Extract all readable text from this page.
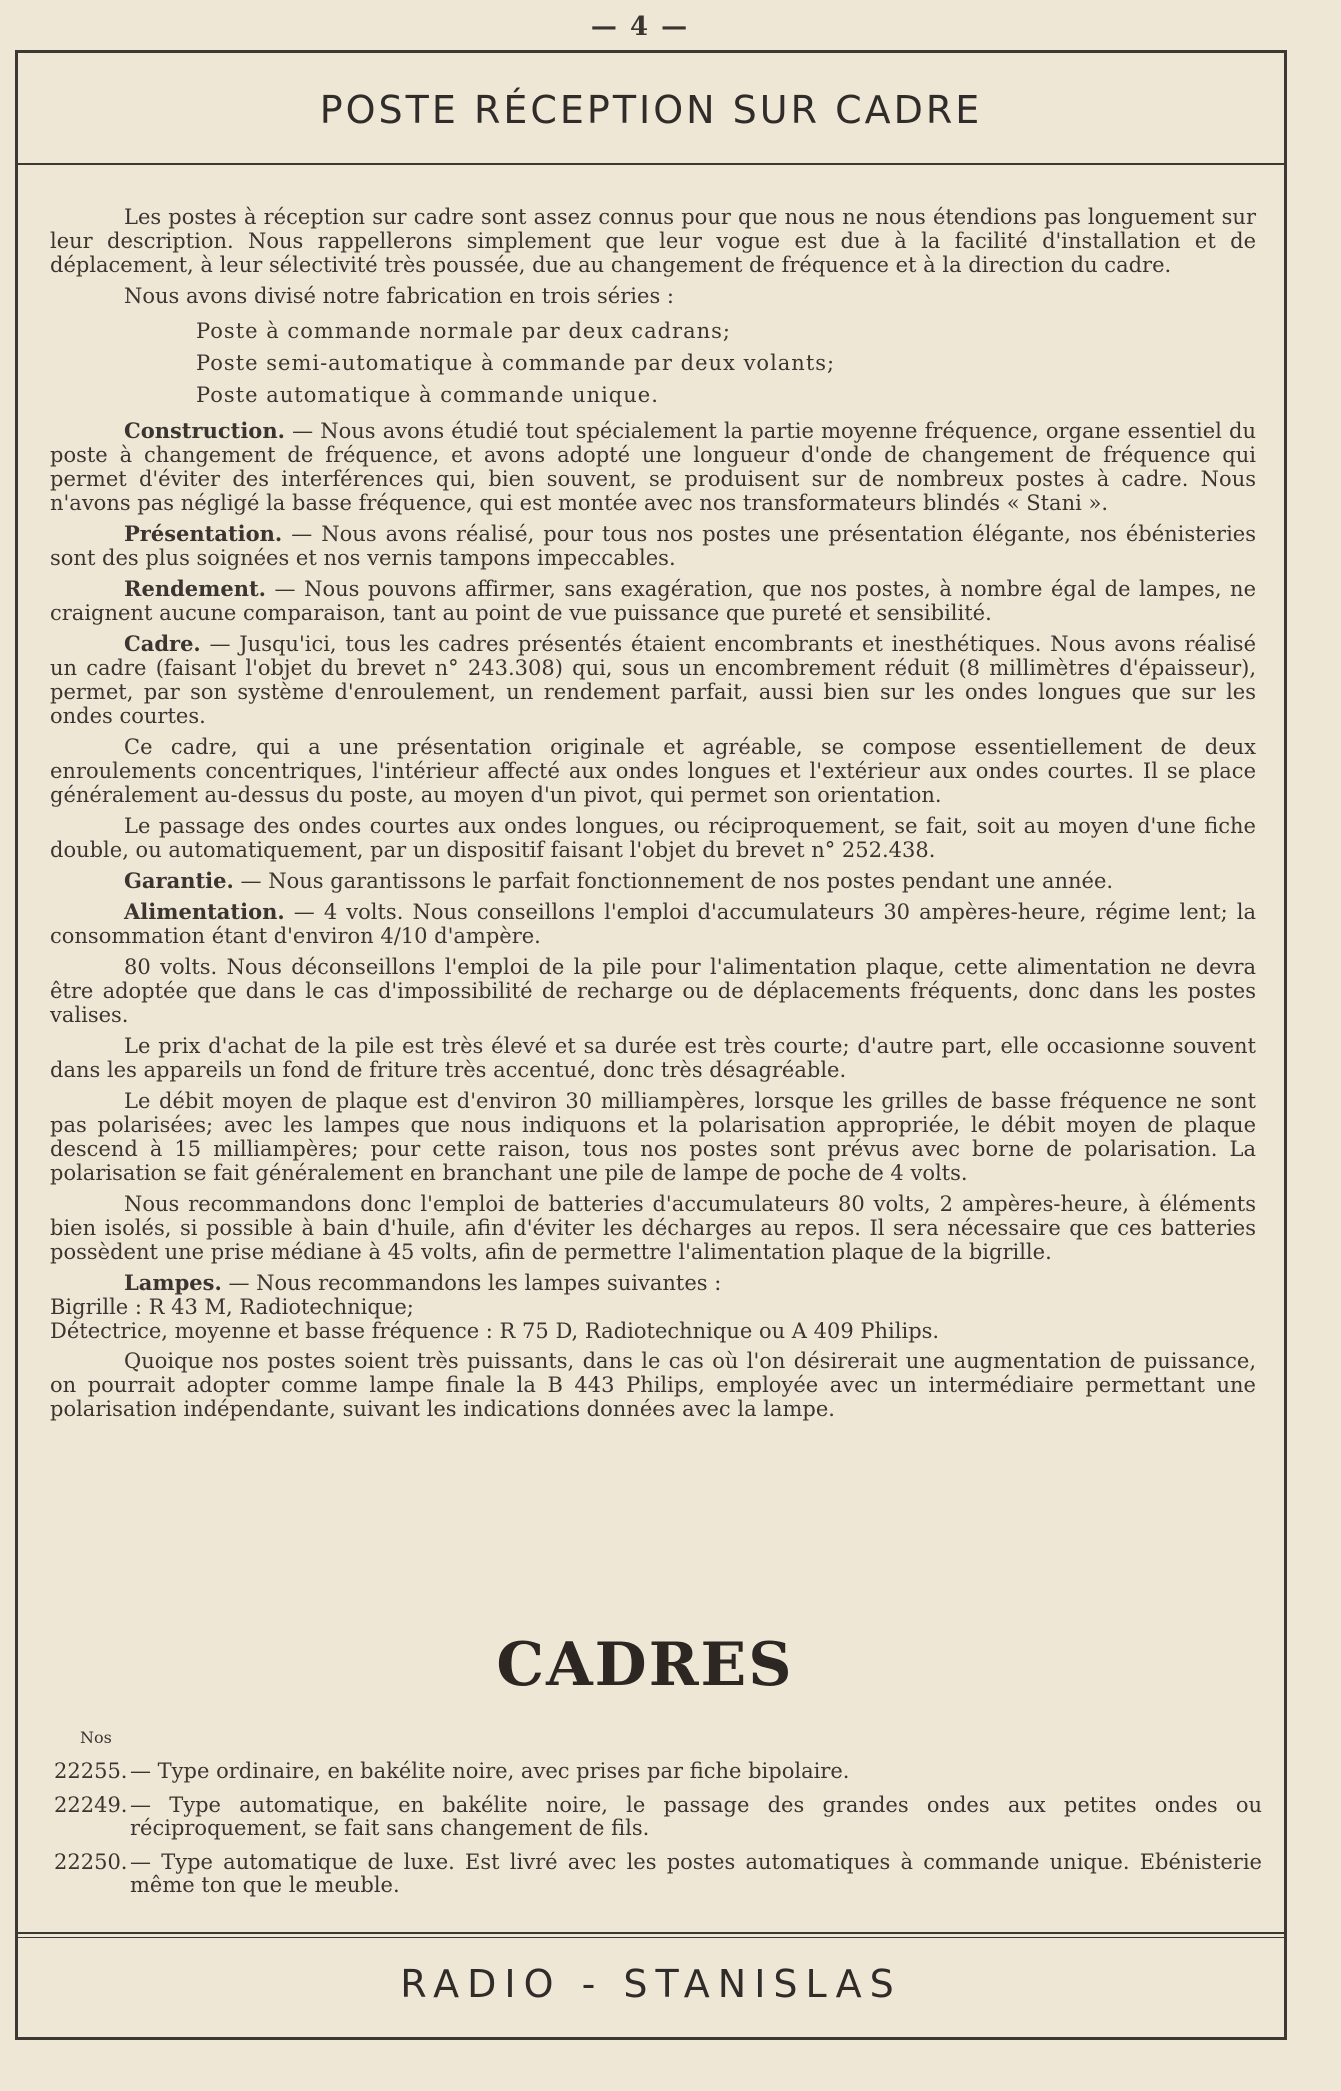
— 4 —
POSTE RÉCEPTION SUR CADRE

Les postes à réception sur cadre sont assez connus pour que nous ne nous étendions pas longuement sur leur description. Nous rappellerons simplement que leur vogue est due à la facilité d'installation et de déplacement, à leur sélectivité très poussée, due au changement de fréquence et à la direction du cadre.

Nous avons divisé notre fabrication en trois séries :

Poste à commande normale par deux cadrans;
Poste semi-automatique à commande par deux volants;
Poste automatique à commande unique.

Construction. — Nous avons étudié tout spécialement la partie moyenne fréquence, organe essentiel du poste à changement de fréquence, et avons adopté une longueur d'onde de changement de fréquence qui permet d'éviter des interférences qui, bien souvent, se produisent sur de nombreux postes à cadre. Nous n'avons pas négligé la basse fréquence, qui est montée avec nos transformateurs blindés « Stani ».

Présentation. — Nous avons réalisé, pour tous nos postes une présentation élégante, nos ébénisteries sont des plus soignées et nos vernis tampons impeccables.

Rendement. — Nous pouvons affirmer, sans exagération, que nos postes, à nombre égal de lampes, ne craignent aucune comparaison, tant au point de vue puissance que pureté et sensibilité.

Cadre. — Jusqu'ici, tous les cadres présentés étaient encombrants et inesthétiques. Nous avons réalisé un cadre (faisant l'objet du brevet n° 243.308) qui, sous un encombrement réduit (8 millimètres d'épaisseur), permet, par son système d'enroulement, un rendement parfait, aussi bien sur les ondes longues que sur les ondes courtes.

Ce cadre, qui a une présentation originale et agréable, se compose essentiellement de deux enroulements concentriques, l'intérieur affecté aux ondes longues et l'extérieur aux ondes courtes. Il se place généralement au-dessus du poste, au moyen d'un pivot, qui permet son orientation.

Le passage des ondes courtes aux ondes longues, ou réciproquement, se fait, soit au moyen d'une fiche double, ou automatiquement, par un dispositif faisant l'objet du brevet n° 252.438.

Garantie. — Nous garantissons le parfait fonctionnement de nos postes pendant une année.

Alimentation. — 4 volts. Nous conseillons l'emploi d'accumulateurs 30 ampères-heure, régime lent; la consommation étant d'environ 4/10 d'ampère.

80 volts. Nous déconseillons l'emploi de la pile pour l'alimentation plaque, cette alimentation ne devra être adoptée que dans le cas d'impossibilité de recharge ou de déplacements fréquents, donc dans les postes valises.

Le prix d'achat de la pile est très élevé et sa durée est très courte; d'autre part, elle occasionne souvent dans les appareils un fond de friture très accentué, donc très désagréable.

Le débit moyen de plaque est d'environ 30 milliampères, lorsque les grilles de basse fréquence ne sont pas polarisées; avec les lampes que nous indiquons et la polarisation appropriée, le débit moyen de plaque descend à 15 milliampères; pour cette raison, tous nos postes sont prévus avec borne de polarisation. La polarisation se fait généralement en branchant une pile de lampe de poche de 4 volts.

Nous recommandons donc l'emploi de batteries d'accumulateurs 80 volts, 2 ampères-heure, à éléments bien isolés, si possible à bain d'huile, afin d'éviter les décharges au repos. Il sera nécessaire que ces batteries possèdent une prise médiane à 45 volts, afin de permettre l'alimentation plaque de la bigrille.

Lampes. — Nous recommandons les lampes suivantes :

Bigrille : R 43 M, Radiotechnique;
Détectrice, moyenne et basse fréquence : R 75 D, Radiotechnique ou A 409 Philips.

Quoique nos postes soient très puissants, dans le cas où l'on désirerait une augmentation de puissance, on pourrait adopter comme lampe finale la B 443 Philips, employée avec un intermédiaire permettant une polarisation indépendante, suivant les indications données avec la lampe.

CADRES
Nos
22255. — Type ordinaire, en bakélite noire, avec prises par fiche bipolaire.
22249. — Type automatique, en bakélite noire, le passage des grandes ondes aux petites ondes ou réciproquement, se fait sans changement de fils.
22250. — Type automatique de luxe. Est livré avec les postes automatiques à commande unique. Ebénisterie même ton que le meuble.
RADIO - STANISLAS
